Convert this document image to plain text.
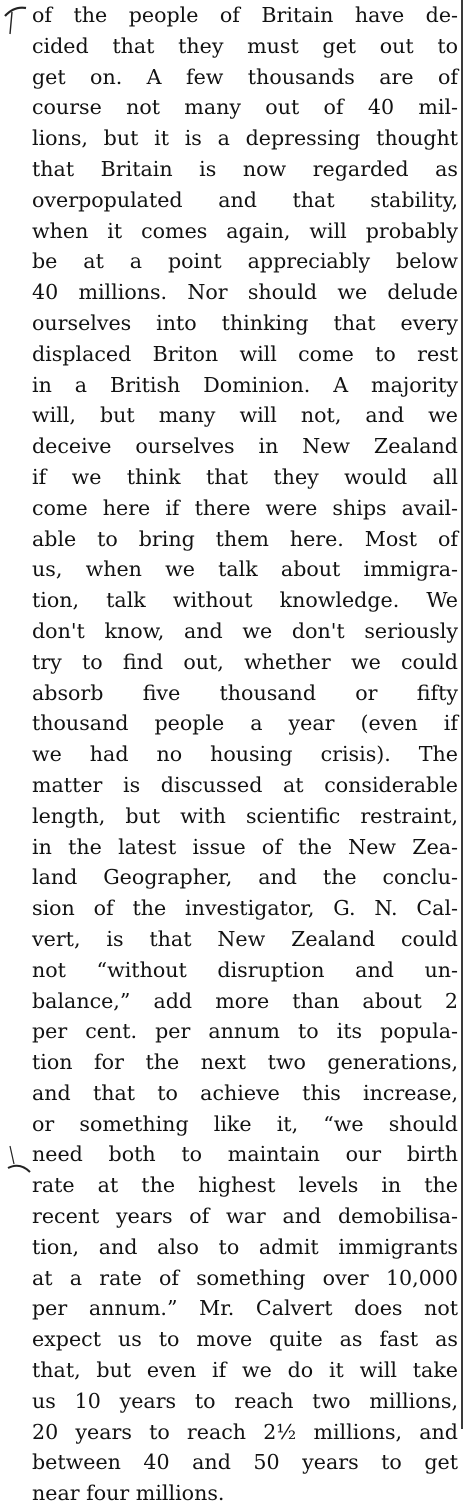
of the people of Britain have de-
cided that they must get out to
get on. A few thousands are of
course not many out of 40 mil-
lions, but it is a depressing thought
that Britain is now regarded as
overpopulated and that stability,
when it comes again, will probably
be at a point appreciably below
40 millions. Nor should we delude
ourselves into thinking that every
displaced Briton will come to rest
in a British Dominion. A majority
will, but many will not, and we
deceive ourselves in New Zealand
if we think that they would all
come here if there were ships avail-
able to bring them here. Most of
us, when we talk about immigra-
tion, talk without knowledge. We
don't know, and we don't seriously
try to find out, whether we could
absorb five thousand or fifty
thousand people a year (even if
we had no housing crisis). The
matter is discussed at considerable
length, but with scientific restraint,
in the latest issue of the New Zea-
land Geographer, and the conclu-
sion of the investigator, G. N. Cal-
vert, is that New Zealand could
not “without disruption and un-
balance,” add more than about 2
per cent. per annum to its popula-
tion for the next two generations,
and that to achieve this increase,
or something like it, “we should
need both to maintain our birth
rate at the highest levels in the
recent years of war and demobilisa-
tion, and also to admit immigrants
at a rate of something over 10,000
per annum.” Mr. Calvert does not
expect us to move quite as fast as
that, but even if we do it will take
us 10 years to reach two millions,
20 years to reach 2½ millions, and
between 40 and 50 years to get
near four millions.
